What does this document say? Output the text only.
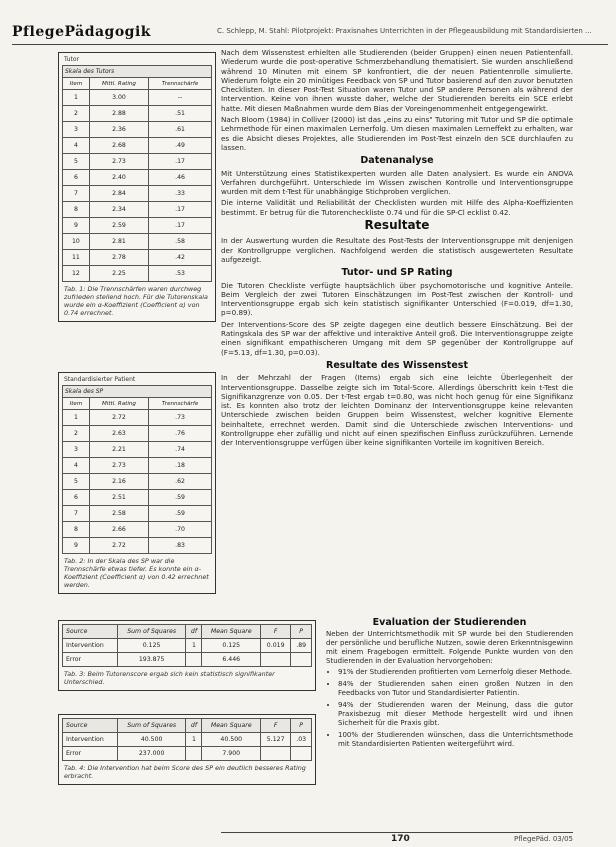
PflegePädagogik	C. Schlepp, M. Stahl: Pilotprojekt: Praxisnahes Unterrichten in der Pflegeausbildung mit Standardisierten ...
Tutor
Skala des Tutors		
Item	Mittl. Rating	Trennschärfe
1	3.00	--
2	2.88	.51
3	2.36	.61
4	2.68	.49
5	2.73	.17
6	2.40	.46
7	2.84	.33
8	2.34	.17
9	2.59	.17
10	2.81	.58
11	2.78	.42
12	2.25	.53
Tab. 1: Die Trennschärfen waren durchweg zufrieden stellend hoch. Für die Tutorenskala wurde ein α-Koeffizient (Coefficient α) von 0.74 errechnet.
Standardisierter Patient
Skala des SP		
Item	Mittl. Rating	Trennschärfe
1	2.72	.73
2	2.63	.76
3	2.21	.74
4	2.73	.18
5	2.16	.62
6	2.51	.59
7	2.58	.59
8	2.66	.70
9	2.72	.83
Tab. 2: In der Skala des SP war die Trennschärfe etwas tiefer. Es konnte ein α-Koeffizient (Coefficient α) von 0.42 errechnet werden.
Source	Sum of Squares	df	Mean Square	F	P
Intervention	0.125	1	0.125	0.019	.89
Error	193.875		6.446		
Tab. 3: Beim Tutorenscore ergab sich kein statistisch signifikanter Unterschied.
Source	Sum of Squares	df	Mean Square	F	P
Intervention	40.500	1	40.500	5.127	.03
Error	237.000		7.900		
Tab. 4: Die Intervention hat beim Score des SP ein deutlich besseres Rating erbracht.

Nach dem Wissenstest erhielten alle Studierenden (beider Gruppen) einen neuen Patientenfall. Wiederum wurde die post-operative Schmerzbehandlung thematisiert. Sie wurden anschließend während 10 Minuten mit einem SP konfrontiert, die der neuen Patientenrolle simulierte. Wiederum folgte ein 20 minütiges Feedback von SP und Tutor basierend auf den zuvor benutzten Checklisten. In dieser Post-Test Situation waren Tutor und SP andere Personen als während der Intervention. Keine von ihnen wusste daher, welche der Studierenden bereits ein SCE erlebt hatte. Mit diesen Maßnahmen wurde dem Bias der Voreingenommenheit entgegengewirkt.

Nach Bloom (1984) in Colliver (2000) ist das „eins zu eins" Tutoring mit Tutor und SP die optimale Lehrmethode für einen maximalen Lernerfolg. Um diesen maximalen Lerneffekt zu erhalten, war es die Absicht dieses Projektes, alle Studierenden im Post-Test einzeln den SCE durchlaufen zu lassen.

Datenanalyse

Mit Unterstützung eines Statistikexperten wurden alle Daten analysiert. Es wurde ein ANOVA Verfahren durchgeführt. Unterschiede im Wissen zwischen Kontrolle und Interventionsgruppe wurden mit dem t-Test für unabhängige Stichproben verglichen.

Die interne Validität und Reliabilität der Checklisten wurden mit Hilfe des Alpha-Koeffizienten bestimmt. Er betrug für die Tutorencheckliste 0.74 und für die SP-Cl ecklist 0.42.

Resultate

In der Auswertung wurden die Resultate des Post-Tests der Interventionsgruppe mit denjenigen der Kontrollgruppe verglichen. Nachfolgend werden die statistisch ausgewerteten Resultate aufgezeigt.

Tutor- und SP Rating

Die Tutoren Checkliste verfügte hauptsächlich über psychomotorische und kognitive Anteile. Beim Vergleich der zwei Tutoren Einschätzungen im Post-Test zwischen der Kontroll- und Interventionsgruppe ergab sich kein statistisch signifikanter Unterschied (F=0.019, df=1.30, p=0.89).

Der Interventions-Score des SP zeigte dagegen eine deutlich bessere Einschätzung. Bei der Ratingskala des SP war der affektive und interaktive Anteil groß. Die Interventionsgruppe zeigte einen signifikant empathischeren Umgang mit dem SP gegenüber der Kontrollgruppe auf (F=5.13, df=1.30, p=0.03).

Resultate des Wissenstest

In der Mehrzahl der Fragen (Items) ergab sich eine leichte Überlegenheit der Interventionsgruppe. Dasselbe zeigte sich im Total-Score. Allerdings überschritt kein t-Test die Signifikanzgrenze von 0.05. Der t-Test ergab t=0.80, was nicht hoch genug für eine Signifikanz ist. Es konnten also trotz der leichten Dominanz der Interventionsgruppe keine relevanten Unterschiede zwischen beiden Gruppen beim Wissenstest, welcher kognitive Elemente beinhaltete, errechnet werden. Damit sind die Unterschiede zwischen Interventions- und Kontrollgruppe eher zufällig und nicht auf einen spezifischen Einfluss zurückzuführen. Lernende der Interventionsgruppe verfügen über keine signifikanten Vorteile im kognitiven Bereich.

Evaluation der Studierenden

Neben der Unterrichtsmethodik mit SP wurde bei den Studierenden der persönliche und berufliche Nutzen, sowie deren Erkenntnisgewinn mit einem Fragebogen ermittelt. Folgende Punkte wurden von den Studierenden in der Evaluation hervorgehoben:

• 91% der Studierenden profitierten vom Lernerfolg dieser Methode.
• 84% der Studierenden sahen einen großen Nutzen in den Feedbacks von Tutor und Standardisierter Patientin.
• 94% der Studierenden waren der Meinung, dass die gutor Praxisbezug mit dieser Methode hergestellt wird und ihnen Sicherheit für die Praxis gibt.
• 100% der Studierenden wünschen, dass die Unterrichtsmethode mit Standardisierten Patienten weitergeführt wird.
170	PflegePäd. 03/05
